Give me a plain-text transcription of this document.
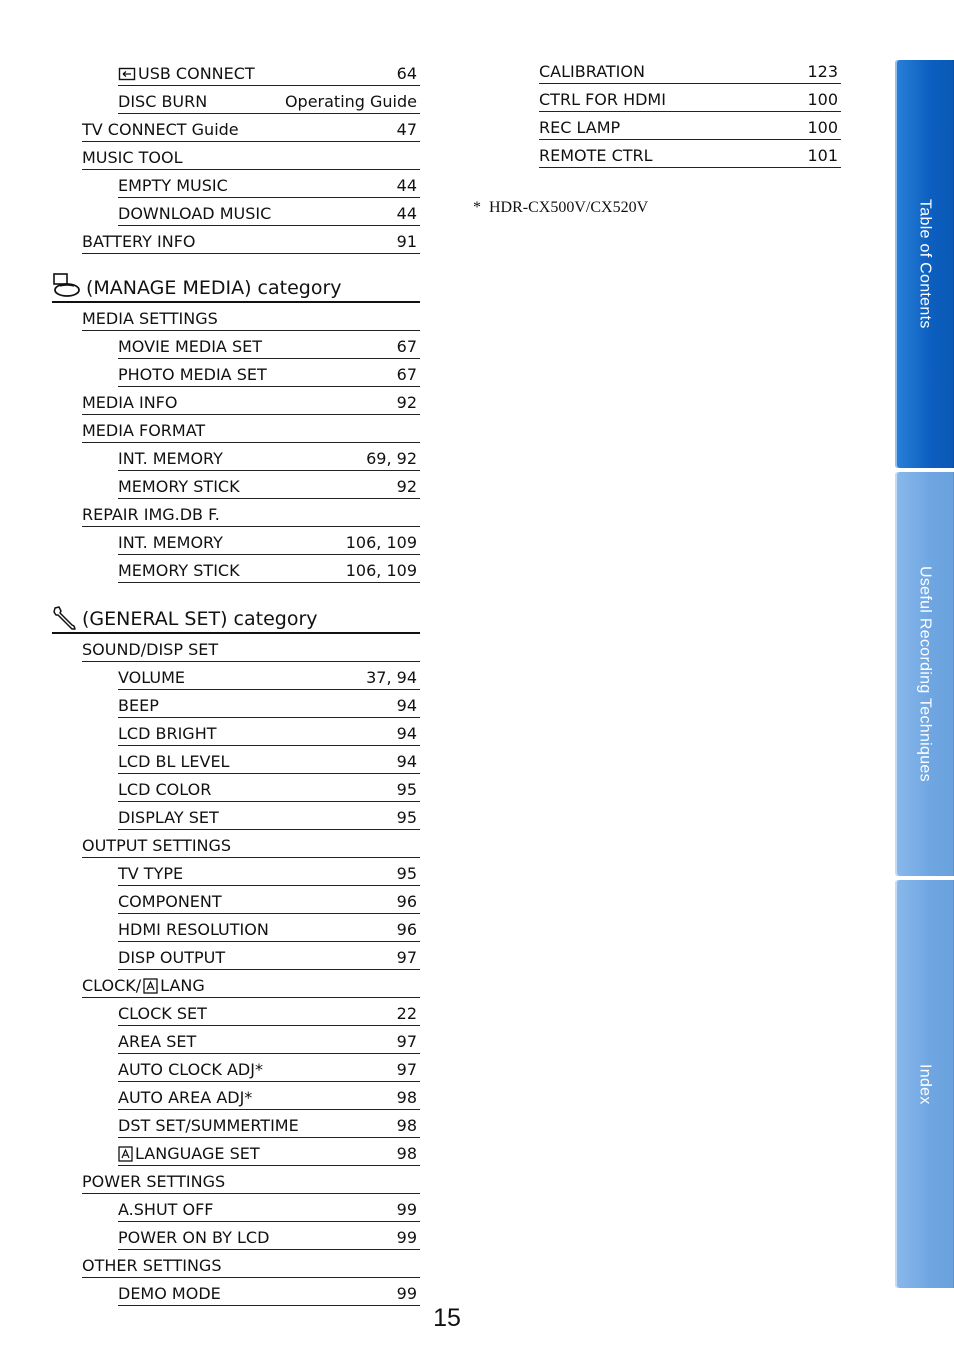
USB CONNECT	64
DISC BURN	Operating Guide
TV CONNECT Guide	47
MUSIC TOOL
EMPTY MUSIC	44
DOWNLOAD MUSIC	44
BATTERY INFO	91
(MANAGE MEDIA) category
MEDIA SETTINGS
MOVIE MEDIA SET	67
PHOTO MEDIA SET	67
MEDIA INFO	92
MEDIA FORMAT
INT. MEMORY	69, 92
MEMORY STICK	92
REPAIR IMG.DB F.
INT. MEMORY	106, 109
MEMORY STICK	106, 109
(GENERAL SET) category
SOUND/DISP SET
VOLUME	37, 94
BEEP	94
LCD BRIGHT	94
LCD BL LEVEL	94
LCD COLOR	95
DISPLAY SET	95
OUTPUT SETTINGS
TV TYPE	95
COMPONENT	96
HDMI RESOLUTION	96
DISP OUTPUT	97
CLOCK/ LANG
CLOCK SET	22
AREA SET	97
AUTO CLOCK ADJ*	97
AUTO AREA ADJ*	98
DST SET/SUMMERTIME	98
LANGUAGE SET	98
POWER SETTINGS
A.SHUT OFF	99
POWER ON BY LCD	99
OTHER SETTINGS
DEMO MODE	99
CALIBRATION	123
CTRL FOR HDMI	100
REC LAMP	100
REMOTE CTRL	101
* HDR-CX500V/CX520V
15
Table of Contents
Useful Recording Techniques
Index
